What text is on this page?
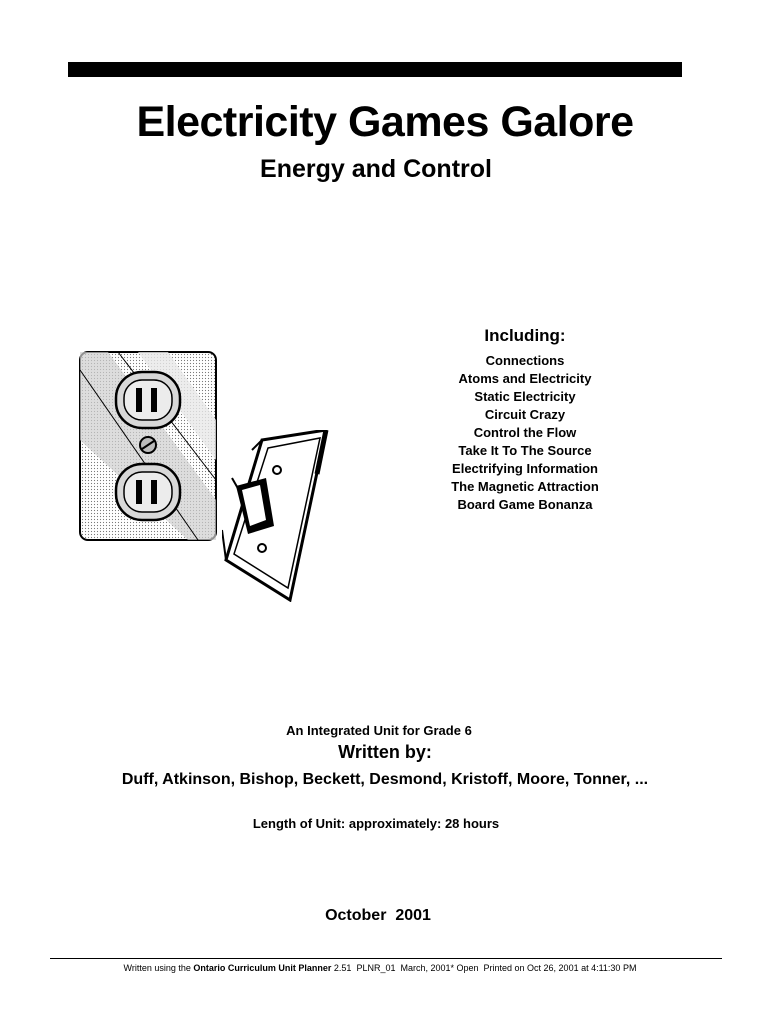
Electricity Games Galore
Energy and Control
Including:
Connections
Atoms and Electricity
Static Electricity
Circuit Crazy
Control the Flow
Take It To The Source
Electrifying Information
The Magnetic Attraction
Board Game Bonanza
An Integrated Unit for Grade 6
Written by:
Duff, Atkinson, Bishop, Beckett, Desmond, Kristoff, Moore, Tonner, ...
Length of Unit: approximately: 28 hours
October  2001
Written using the Ontario Curriculum Unit Planner 2.51  PLNR_01  March, 2001* Open  Printed on Oct 26, 2001 at 4:11:30 PM
